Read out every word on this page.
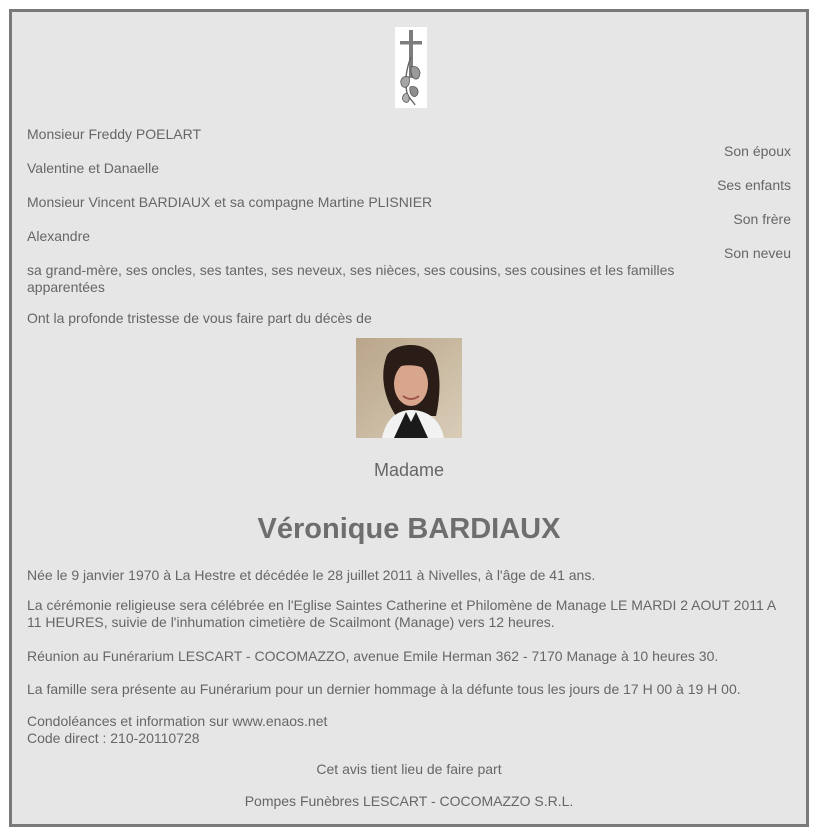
Monsieur Freddy POELART
Son époux
Valentine et Danaelle
Ses enfants
Monsieur Vincent BARDIAUX et sa compagne Martine PLISNIER
Son frère
Alexandre
Son neveu
sa grand-mère, ses oncles, ses tantes, ses neveux, ses nièces, ses cousins, ses cousines et les familles apparentées
Ont la profonde tristesse de vous faire part du décès de
Madame
Véronique BARDIAUX
Née le 9 janvier 1970 à La Hestre et décédée le 28 juillet 2011 à Nivelles, à l'âge de 41 ans.
La cérémonie religieuse sera célébrée en l'Eglise Saintes Catherine et Philomène de Manage LE MARDI 2 AOUT 2011 A 11 HEURES, suivie de l'inhumation cimetière de Scailmont (Manage) vers 12 heures.
Réunion au Funérarium LESCART - COCOMAZZO, avenue Emile Herman 362 - 7170 Manage à 10 heures 30.
La famille sera présente au Funérarium pour un dernier hommage à la défunte tous les jours de 17 H 00 à 19 H 00.
Condoléances et information sur www.enaos.net
Code direct : 210-20110728
Cet avis tient lieu de faire part
Pompes Funèbres LESCART - COCOMAZZO S.R.L.
